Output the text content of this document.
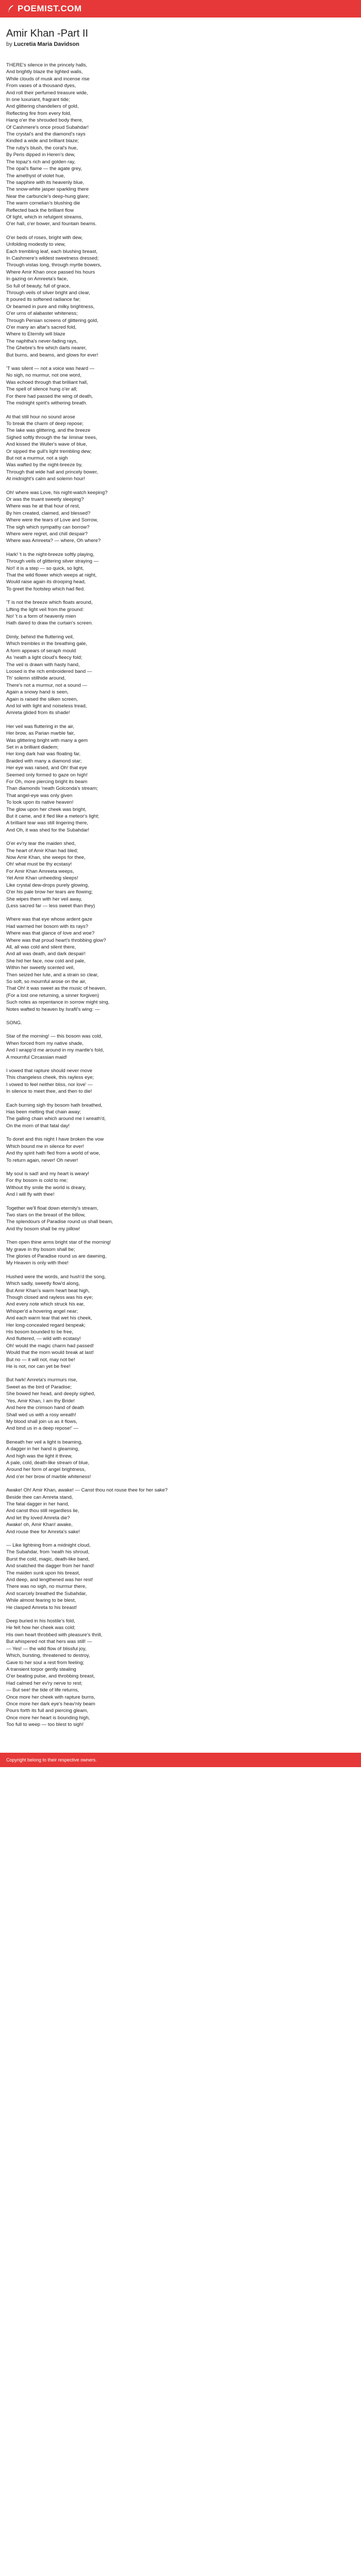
POEMIST.COM
Amir Khan -Part II
by Lucretia Maria Davidson
THERE's silence in the princely halls,
And brightly blaze the lighted walls,
While clouds of musk and incense rise
From vases of a thousand dyes,
And roll their perfumed treasure wide,
In one luxuriant, fragrant tide;
And glittering chandeliers of gold,
Reflecting fire from every fold,
Hang o'er the shrouded body there,
Of Cashmere's once proud Subahdar!
The crystal's and the diamond's rays
Kindled a wide and brilliant blaze;
The ruby's blush, the coral's hue,
By Peris dipped in Heren's dew,
The topaz's rich and golden ray,
The opal's flame — the agate grey,
The amethyst of violet hue,
The sapphire with its heavenly blue,
The snow-white jasper sparkling there
Near the carbuncle's deep-hung glare;
The warm cornelian's blushing die
Reflected back the brilliant flow
Of light, which in refulgent streams,
O'er hall, o'er bower, and fountain beams.
O'er beds of roses, bright with dew,
Unfolding modestly to view,
Each trembling leaf, each blushing breast,
In Cashmere's wildest sweetness dressed;
Through vistas long, through myrtle bowers,
Where Amir Khan once passed his hours
In gazing on Amreeta's face,
So full of beauty, full of grace,
Through veils of silver bright and clear,
It poured its softened radiance far;
Or beamed in pure and milky brightness,
O'er urns of alabaster whiteness;
Through Persian screens of glittering gold,
O'er many an altar's sacred fold,
Where to Eternity will blaze
The naphtha's never-fading rays,
The Ghebre's fire which darts nearer,
But burns, and beams, and glows for ever!
'T was silent — not a voice was heard —
No sigh, no murmur, not one word,
Was echoed through that brilliant hall,
The spell of silence hung o'er all;
For there had passed the wing of death,
The midnight spirit's withering breath.
At that still hour no sound arose
To break the charm of deep repose;
The lake was glittering, and the breeze
Sighed softly through the far Iiminar trees,
And kissed the Wuller's wave of blue,
Or sipped the gull's light trembling dew;
But not a murmur, not a sigh
Was wafted by the night-breeze by,
Through that wide hall and princely bower,
At midnight's calm and solemn hour!
Oh! where was Love, his night-watch keeping?
Or was the truant sweetly sleeping?
Where was he at that hour of rest,
By him created, claimed, and blessed?
Where were the tears of Love and Sorrow,
The sigh which sympathy can borrow?
Where were regret, and chill despair?
Where was Amreeta? — where, Oh where?
Hark! 't is the night-breeze softly playing,
Through veils of glittering silver straying —
No!! it is a step — so quick, so light,
That the wild flower which weeps at night,
Would raise again its drooping head,
To greet the footstep which had fled.
'T is not the breeze which floats around,
Lifting the light veil from the ground:
No! 't is a form of heavenly mien
Hath dared to draw the curtain's screen.
Dimly, behind the fluttering veil,
Which trembles in the breathing gale,
A form appears of seraph mould
As 'neath a light cloud's fleecy fold;
The veil is drawn with hasty hand,
Loosed is the rich embroidered band —
Th' solemn stillhide around,
There's not a murmur, not a sound —
Again a snowy hand is seen,
Again is raised the silken screen,
And lol with light and noiseless tread,
Amreta glided from its shade!
Her veil was fluttering in the air,
Her brow, as Parian marble fair,
Was glittering bright with many a gem
Set in a brilliant diadem;
Her long dark hair was floating far,
Braided with many a diamond star;
Her eye was raised, and Oh! that eye
Seemed only formed to gaze on high!
For Oh, more piercing bright its beam
Than diamonds 'neath Golconda's stream;
That angel-eye was only given
To look upon its native heaven!
The glow upon her cheek was bright,
But it came, and it fled like a meteor's light;
A brilliant tear was still lingering there,
And Oh, it was shed for the Subahdar!
O'er ev'ry tear the maiden shed,
The heart of Amir Khan had bled;
Now Amir Khan, she weeps for thee,
Oh! what must be thy ecstasy!
For Amir Khan Amreeta weeps,
Yet Amir Khan unheeding sleeps!
Like crystal dew-drops purely glowing,
O'er his pale brow her tears are flowing;
She wipes them with her veil away,
(Less sacred far — less sweet than they)
Where was that eye whose ardent gaze
Had warmed her bosom with its rays?
Where was that glance of love and woe?
Where was that proud heart's throbbing glow?
All, all was cold and silent there,
And all was death, and dark despair!
She hid her face, now cold and pale,
Within her sweetly scented veil,
Then seized her lute, and a strain so clear,
So soft, so mournful arose on the air,
That Oh! it was sweet as the music of heaven,
(For a lost one returning, a sinner forgiven)
Such notes as repentance in sorrow might sing,
Notes wafted to heaven by Israfil's wing: —
SONG.
Star of the morning! — this bosom was cold,
When forced from my native shade,
And I wrapp'd me around in my mantle's fold,
A mournful Circassian maid!
I vowed that rapture should never move
This changeless cheek, this rayless eye;
I vowed to feel neither bliss, nor love' —
In silence to meet thee, and then to die!
Each burning sigh thy bosom hath breathed,
Has been melting that chain away;
The galling chain which around me I wreath'd,
On the morn of that fatal day!
To doret and this night I have broken the vow
Which bound me in silence for ever!
And thy spirit hath fled from a world of woe,
To return again, never! Oh never!
My soul is sad! and my heart is weary!
For thy bosom is cold to me;
Without thy smile the world is dreary,
And I will fly with thee!
Together we'll float down eternity's stream,
Two stars on the breast of the billow,
The splendours of Paradise round us shall beam,
And thy bosom shall be my pillow!
Then open thine arms bright star of the morning!
My grave in thy bosom shall be;
The glories of Paradise round us are dawning,
My Heaven is only with thee!
Hushed were the words, and hush'd the song,
Which sadly, sweetly flow'd along,
But Amir Khan's warm heart beat high,
Though closed and rayless was his eye;
And every note which struck his ear,
Whisper'd a hovering angel near;
And each warm tear that wet his cheek,
Her long-concealed regard bespeak;
His bosom bounded to be free,
And fluttered, — wild with ecstasy!
Oh! would the magic charm had passed!
Would that the morn would break at last!
But no — it will not, may not be!
He is not, nor can yet be free!
But hark! Amreta's murmurs rise,
Sweet as the bird of Paradise;
She bowed her head, and deeply sighed,
'Yes, Amir Khan, I am thy Bride!
And here the crimson hand of death
Shall wed us with a rosy wreath!
My blood shall join us as it flows,
And bind us in a deep repose!' —
Beneath her veil a light is beaming,
A dagger in her hand is gleaming,
And high was the light it threw,
A pale, cold, death-like stream of blue,
Around her form of angel brightness,
And o'er her brow of marble whiteness!
Awake! Oh! Amir Khan, awake! — Canst thou not rouse thee for her sake?
Beside thee can Amreta stand,
The fatal dagger in her hand,
And canst thou still regardless lie,
And let thy loved Amreta die?
Awake! oh, Amir Khan! awake,
And rouse thee for Amreta's sake!
— Like lightning from a midnight cloud,
The Subahdar, from 'neath his shroud,
Burst the cold, magic, death-like band,
And snatched the dagger from her hand!
The maiden sunk upon his breast,
And deep, and lengthened was her rest!
There was no sigh, no murmur there,
And scarcely breathed the Subahdar,
While almost fearing to be blest,
He clasped Amreta to his breast!
Deep buried in his hostile's fold,
He felt how her cheek was cold;
His own heart throbbed with pleasure's thrill,
But whispered not that hers was still! —
— Yes! — the wild flow of blissful joy,
Which, bursting, threatened to destroy,
Gave to her soul a rest from feeling;
A transient torpor gently stealing
O'er beating pulse, and throbbing breast,
Had calmed her ev'ry nerve to rest;
— But see! the tide of life returns,
Once more her cheek with rapture burns,
Once more her dark eye's heav'nly beam
Pours forth its full and piercing gleam,
Once more her heart is bounding high,
Too full to weep — too blest to sigh!
Copyright belong to their respective owners.
